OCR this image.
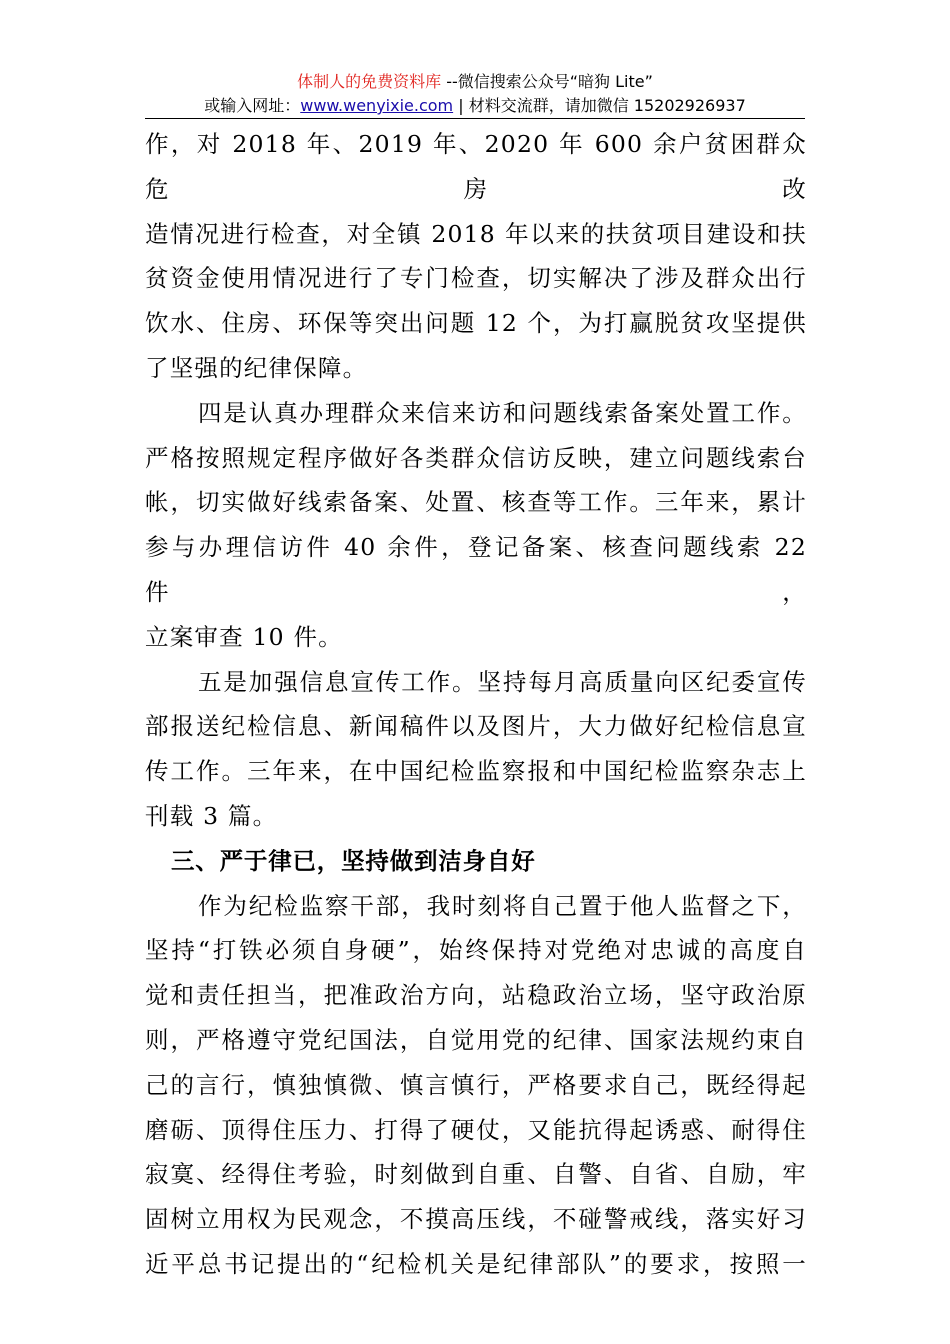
体制人的免费资料库 --微信搜索公众号“暗狗 Lite”
或输入网址：www.wenyixie.com | 材料交流群，请加微信 15202926937

作，对 2018 年、2019 年、2020 年 600 余户贫困群众危房改

造情况进行检查，对全镇 2018 年以来的扶贫项目建设和扶

贫资金使用情况进行了专门检查，切实解决了涉及群众出行

饮水、住房、环保等突出问题 12 个，为打赢脱贫攻坚提供

了坚强的纪律保障。

四是认真办理群众来信来访和问题线索备案处置工作。

严格按照规定程序做好各类群众信访反映，建立问题线索台

帐，切实做好线索备案、处置、核查等工作。三年来，累计

参与办理信访件 40 余件，登记备案、核查问题线索 22 件，

立案审查 10 件。

五是加强信息宣传工作。坚持每月高质量向区纪委宣传

部报送纪检信息、新闻稿件以及图片，大力做好纪检信息宣

传工作。三年来，在中国纪检监察报和中国纪检监察杂志上

刊载 3 篇。

三、严于律已，坚持做到洁身自好

作为纪检监察干部，我时刻将自己置于他人监督之下，

坚持“打铁必须自身硬”，始终保持对党绝对忠诚的高度自

觉和责任担当，把准政治方向，站稳政治立场，坚守政治原

则，严格遵守党纪国法，自觉用党的纪律、国家法规约束自

己的言行，慎独慎微、慎言慎行，严格要求自己，既经得起

磨砺、顶得住压力、打得了硬仗，又能抗得起诱惑、耐得住

寂寞、经得住考验，时刻做到自重、自警、自省、自励，牢

固树立用权为民观念，不摸高压线，不碰警戒线，落实好习

近平总书记提出的“纪检机关是纪律部队”的要求，按照一
